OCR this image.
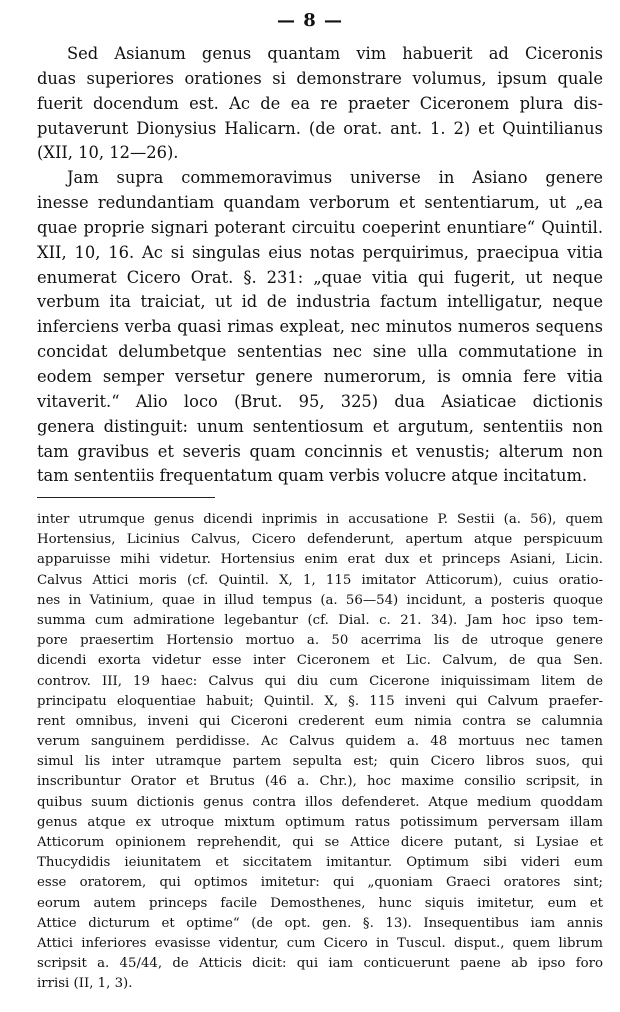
— 8 —
Sed Asianum genus quantam vim habuerit ad Ciceronis
duas superiores orationes si demonstrare volumus, ipsum quale
fuerit docendum est. Ac de ea re praeter Ciceronem plura dis-
putaverunt Dionysius Halicarn. (de orat. ant. 1. 2) et Quintilianus
(XII, 10, 12—26).
Jam supra commemoravimus universe in Asiano genere
inesse redundantiam quandam verborum et sententiarum, ut „ea
quae proprie signari poterant circuitu coeperint enuntiare“ Quintil.
XII, 10, 16. Ac si singulas eius notas perquirimus, praecipua vitia
enumerat Cicero Orat. §. 231: „quae vitia qui fugerit, ut neque
verbum ita traiciat, ut id de industria factum intelligatur, neque
inferciens verba quasi rimas expleat, nec minutos numeros sequens
concidat delumbetque sententias nec sine ulla commutatione in
eodem semper versetur genere numerorum, is omnia fere vitia
vitaverit.“ Alio loco (Brut. 95, 325) dua Asiaticae dictionis
genera distinguit: unum sententiosum et argutum, sententiis non
tam gravibus et severis quam concinnis et venustis; alterum non
tam sententiis frequentatum quam verbis volucre atque incitatum.
inter utrumque genus dicendi inprimis in accusatione P. Sestii (a. 56), quem
Hortensius, Licinius Calvus, Cicero defenderunt, apertum atque perspicuum
apparuisse mihi videtur. Hortensius enim erat dux et princeps Asiani, Licin.
Calvus Attici moris (cf. Quintil. X, 1, 115 imitator Atticorum), cuius oratio-
nes in Vatinium, quae in illud tempus (a. 56—54) incidunt, a posteris quoque
summa cum admiratione legebantur (cf. Dial. c. 21. 34). Jam hoc ipso tem-
pore praesertim Hortensio mortuo a. 50 acerrima lis de utroque genere
dicendi exorta videtur esse inter Ciceronem et Lic. Calvum, de qua Sen.
controv. III, 19 haec: Calvus qui diu cum Cicerone iniquissimam litem de
principatu eloquentiae habuit; Quintil. X, §. 115 inveni qui Calvum praefer-
rent omnibus, inveni qui Ciceroni crederent eum nimia contra se calumnia
verum sanguinem perdidisse. Ac Calvus quidem a. 48 mortuus nec tamen
simul lis inter utramque partem sepulta est; quin Cicero libros suos, qui
inscribuntur Orator et Brutus (46 a. Chr.), hoc maxime consilio scripsit, in
quibus suum dictionis genus contra illos defenderet. Atque medium quoddam
genus atque ex utroque mixtum optimum ratus potissimum perversam illam
Atticorum opinionem reprehendit, qui se Attice dicere putant, si Lysiae et
Thucydidis ieiunitatem et siccitatem imitantur. Optimum sibi videri eum
esse oratorem, qui optimos imitetur: qui „quoniam Graeci oratores sint;
eorum autem princeps facile Demosthenes, hunc siquis imitetur, eum et
Attice dicturum et optime“ (de opt. gen. §. 13). Insequentibus iam annis
Attici inferiores evasisse videntur, cum Cicero in Tuscul. disput., quem librum
scripsit a. 45/44, de Atticis dicit: qui iam conticuerunt paene ab ipso foro
irrisi (II, 1, 3).
